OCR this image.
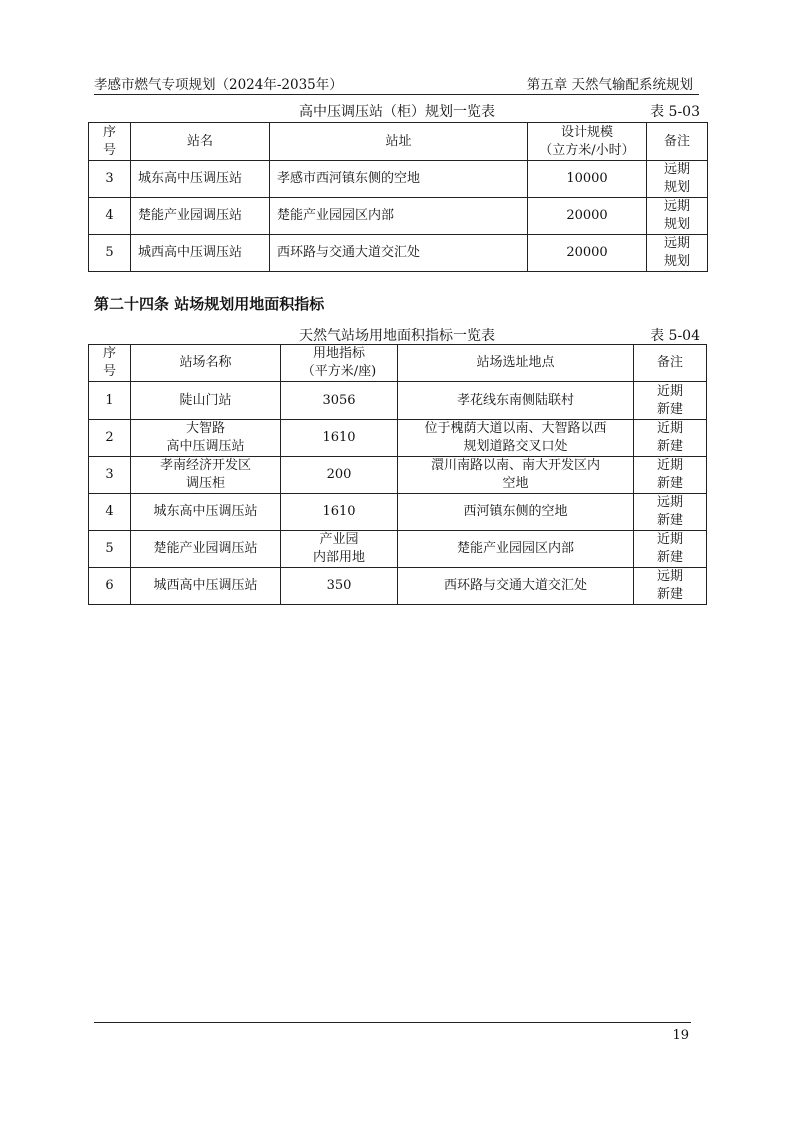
孝感市燃气专项规划（2024年-2035年）	第五章 天然气输配系统规划
高中压调压站（柜）规划一览表	表 5-03
序
号	站名	站址	设计规模
（立方米/小时）	备注
3	城东高中压调压站	孝感市西河镇东侧的空地	10000	远期
规划

4	楚能产业园调压站	楚能产业园园区内部	20000	远期
规划

5	城西高中压调压站	西环路与交通大道交汇处	20000	远期
规划
第二十四条 站场规划用地面积指标
天然气站场用地面积指标一览表	表 5-04
序
号	站场名称	用地指标
（平方米/座)	站场选址地点	备注
1	陡山门站	3056	孝花线东南侧陆联村	近期
新建

2	大智路
高中压调压站	1610	位于槐荫大道以南、大智路以西
规划道路交叉口处	近期
新建

3	孝南经济开发区
调压柜	200	澴川南路以南、南大开发区内
空地	近期
新建

4	城东高中压调压站	1610	西河镇东侧的空地	远期
新建

5	楚能产业园调压站	产业园
内部用地	楚能产业园园区内部	近期
新建

6	城西高中压调压站	350	西环路与交通大道交汇处	远期
新建
19
